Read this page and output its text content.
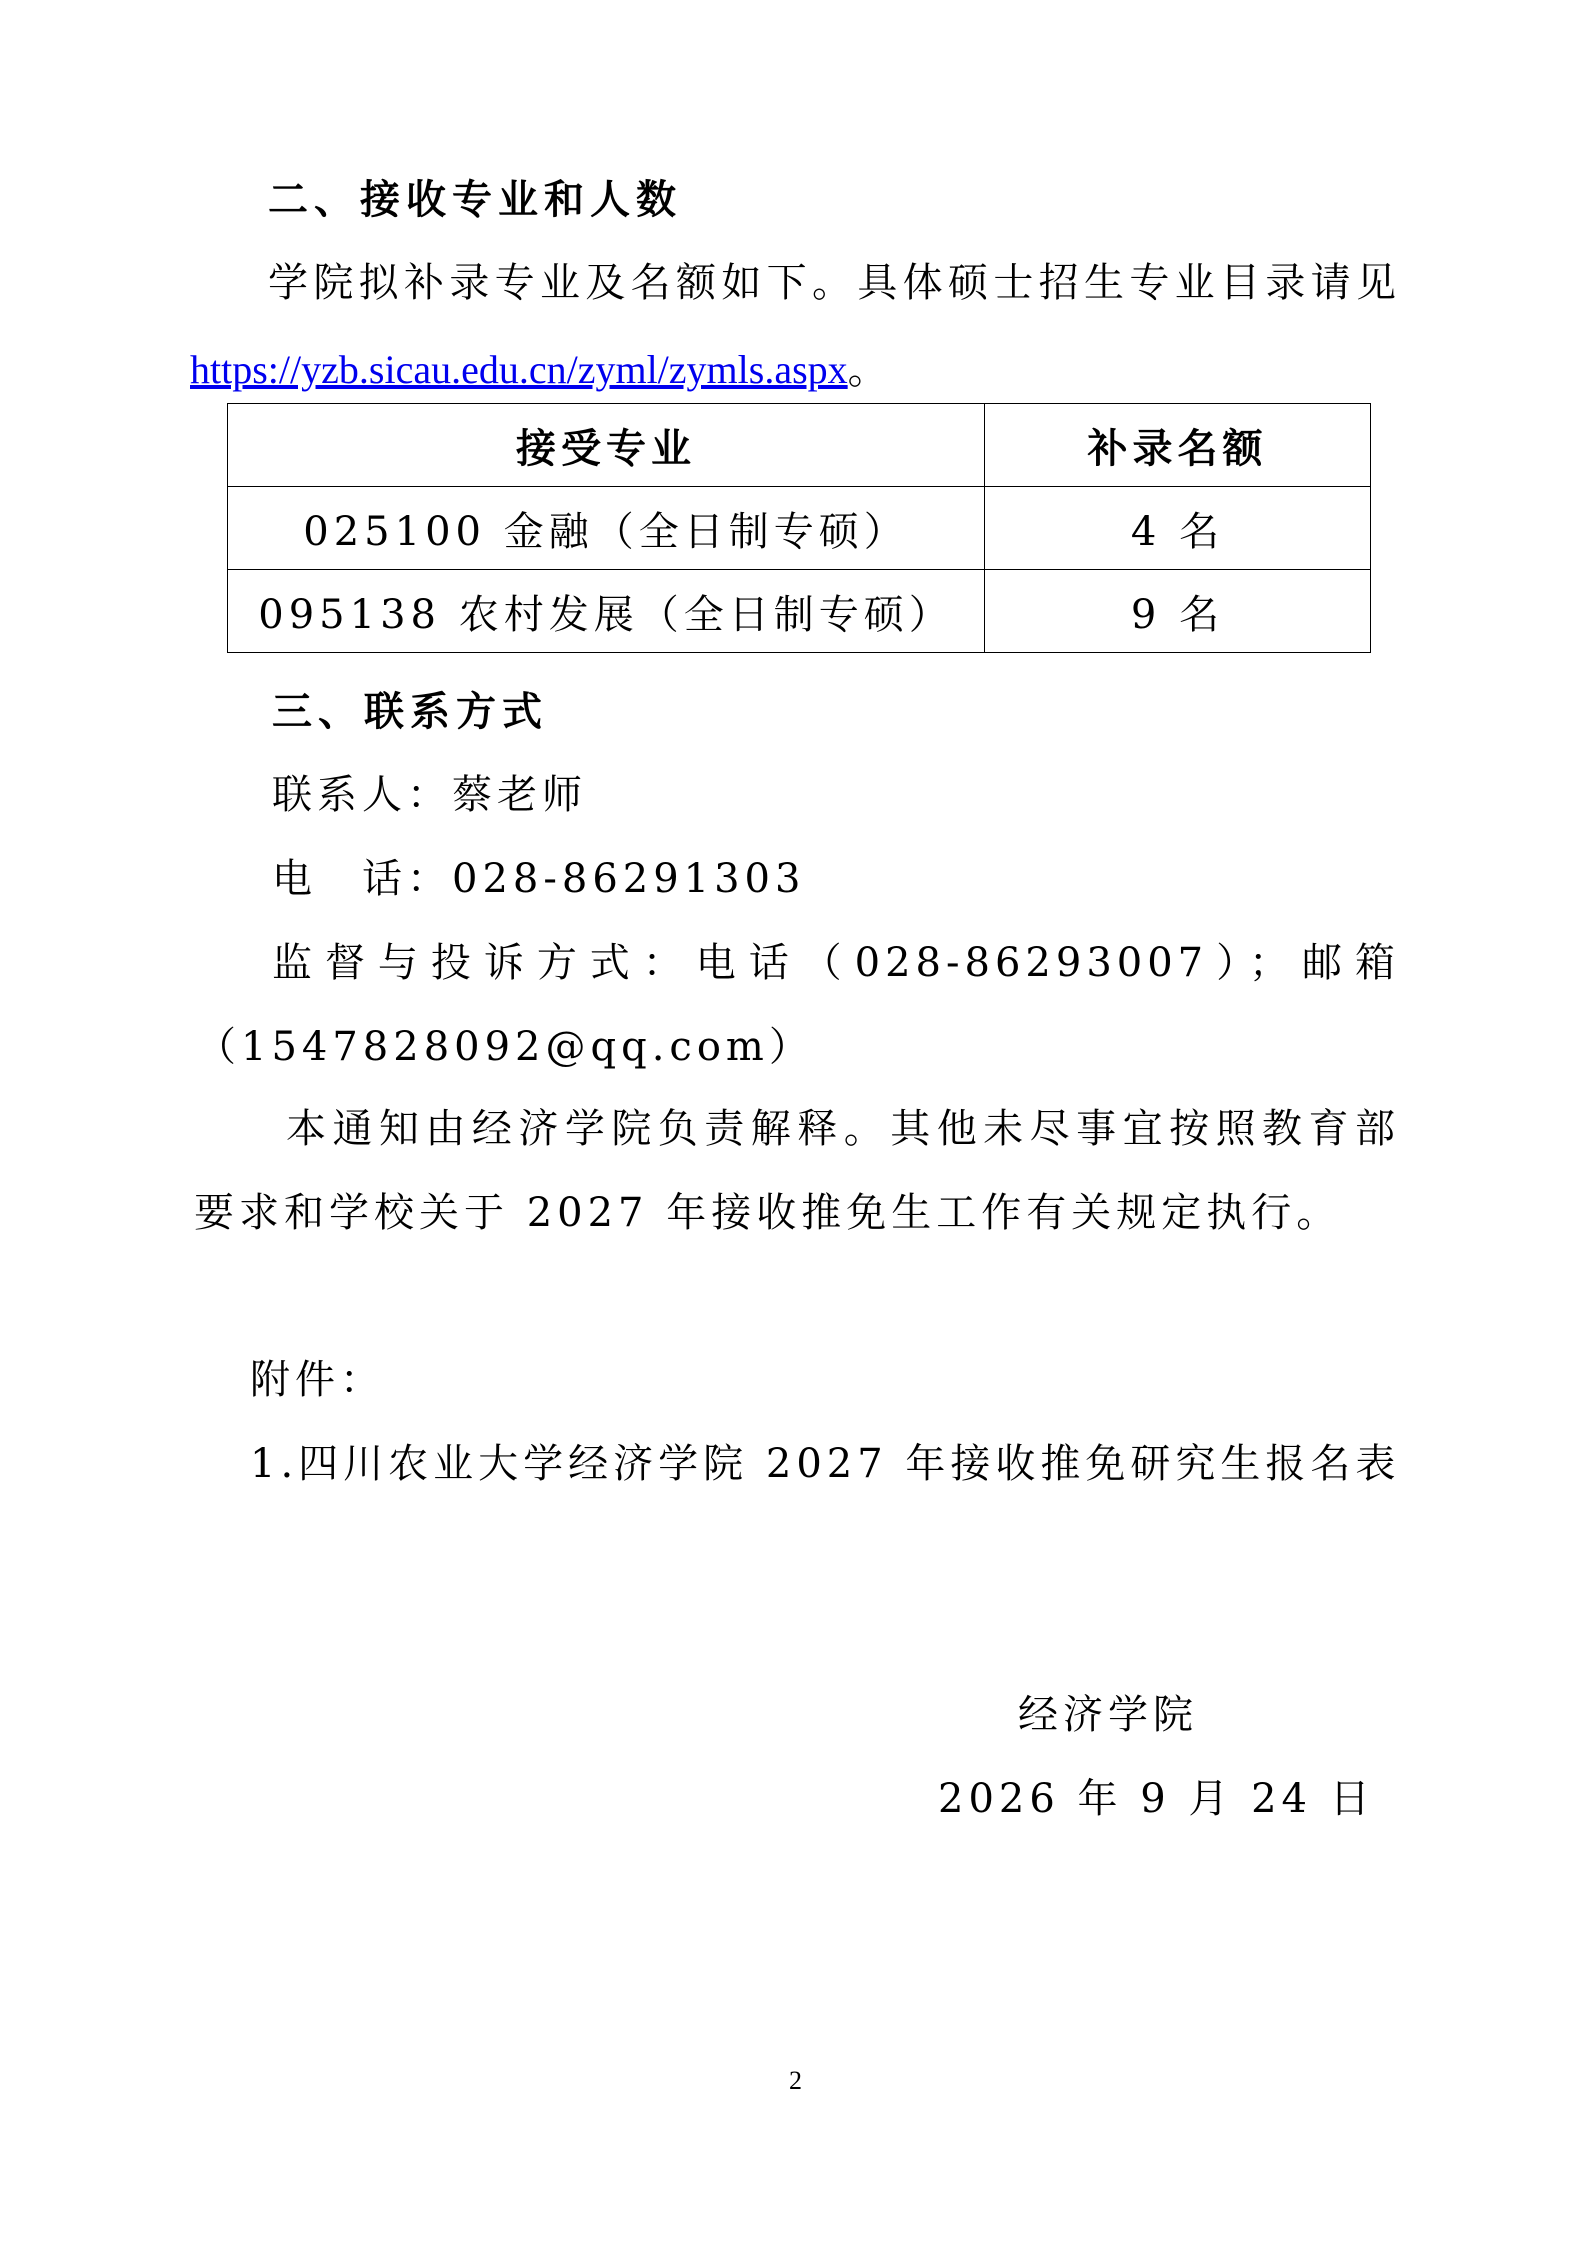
二、接收专业和人数
学院拟补录专业及名额如下。具体硕士招生专业目录请见
https://yzb.sicau.edu.cn/zyml/zymls.aspx。
接受专业	补录名额
025100 金融（全日制专硕）	4 名
095138 农村发展（全日制专硕）	9 名
三、联系方式
联系人：蔡老师
电　话：028-86291303
监督与投诉方式：电话（028-86293007）；邮箱
（1547828092@qq.com）
本通知由经济学院负责解释。其他未尽事宜按照教育部
要求和学校关于 2027 年接收推免生工作有关规定执行。
附件：
1.四川农业大学经济学院 2027 年接收推免研究生报名表
经济学院
2026 年 9 月 24 日
2
